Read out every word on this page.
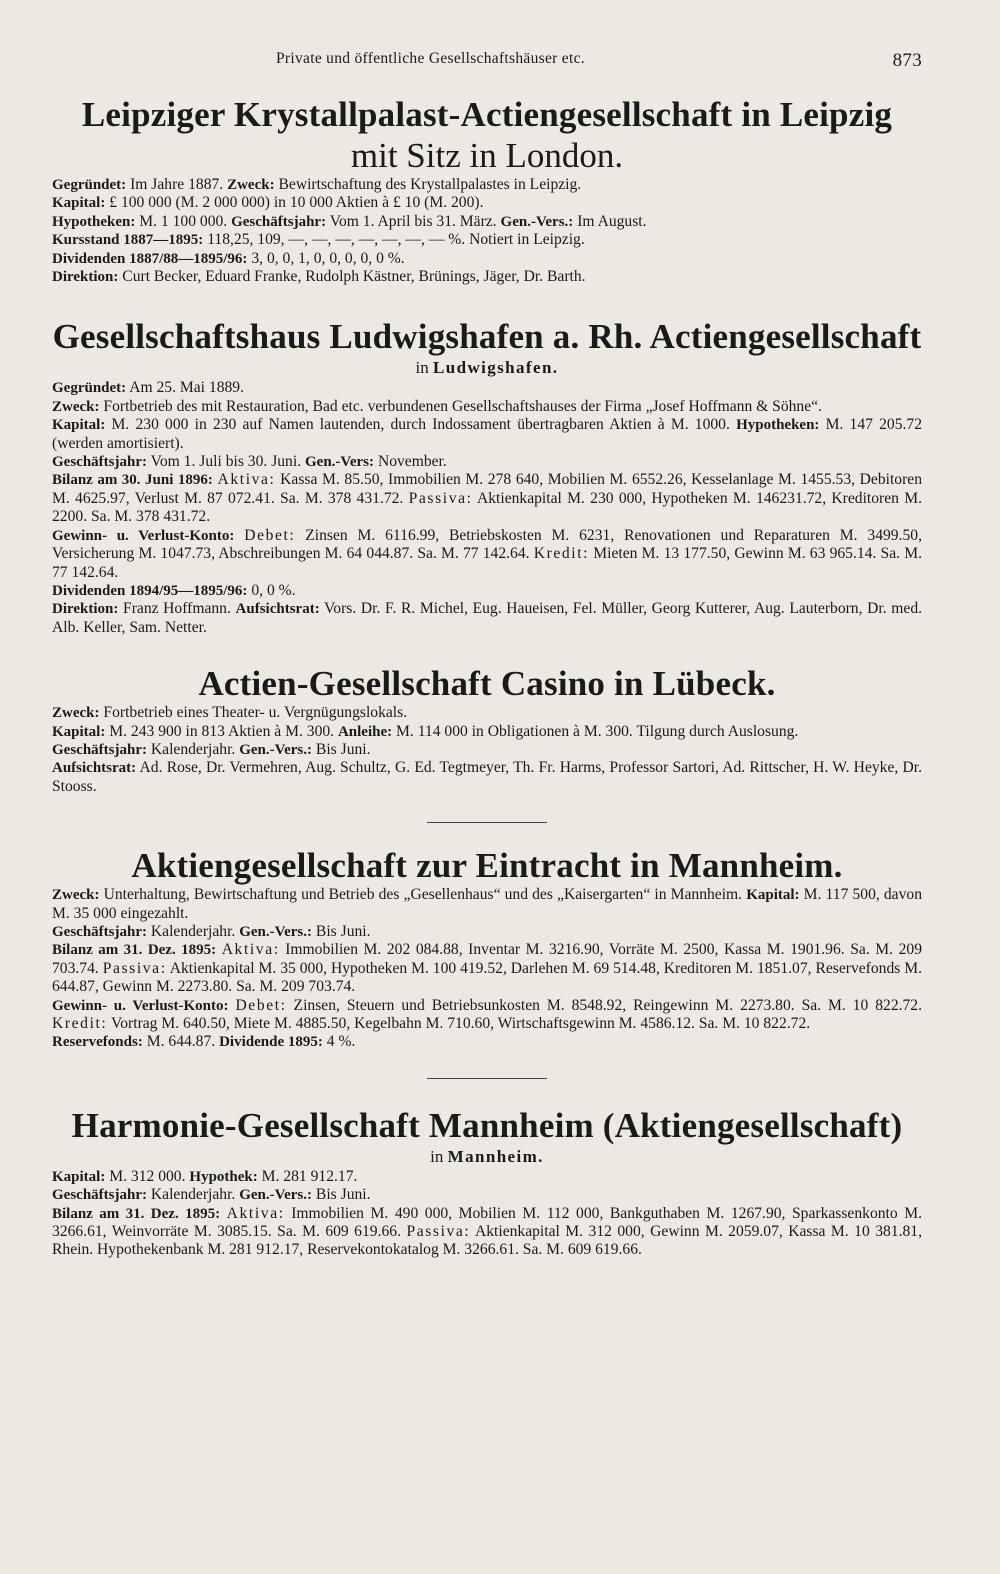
Private und öffentliche Gesellschaftshäuser etc.	873
Leipziger Krystallpalast-Actiengesellschaft in Leipzig

mit Sitz in London.

Gegründet: Im Jahre 1887. Zweck: Bewirtschaftung des Krystallpalastes in Leipzig.

Kapital: £ 100 000 (M. 2 000 000) in 10 000 Aktien à £ 10 (M. 200).

Hypotheken: M. 1 100 000. Geschäftsjahr: Vom 1. April bis 31. März. Gen.-Vers.: Im August.

Kursstand 1887—1895: 118,25, 109, —, —, —, —, —, —, — %. Notiert in Leipzig.

Dividenden 1887/88—1895/96: 3, 0, 0, 1, 0, 0, 0, 0, 0 %.

Direktion: Curt Becker, Eduard Franke, Rudolph Kästner, Brünings, Jäger, Dr. Barth.

Gesellschaftshaus Ludwigshafen a. Rh. Actiengesellschaft

in Ludwigshafen.

Gegründet: Am 25. Mai 1889.

Zweck: Fortbetrieb des mit Restauration, Bad etc. verbundenen Gesellschaftshauses der Firma „Josef Hoffmann & Söhne“.

Kapital: M. 230 000 in 230 auf Namen lautenden, durch Indossament übertragbaren Aktien à M. 1000. Hypotheken: M. 147 205.72 (werden amortisiert).

Geschäftsjahr: Vom 1. Juli bis 30. Juni. Gen.-Vers: November.

Bilanz am 30. Juni 1896: Aktiva: Kassa M. 85.50, Immobilien M. 278 640, Mobilien M. 6552.26, Kesselanlage M. 1455.53, Debitoren M. 4625.97, Verlust M. 87 072.41. Sa. M. 378 431.72. Passiva: Aktienkapital M. 230 000, Hypotheken M. 146231.72, Kreditoren M. 2200. Sa. M. 378 431.72.

Gewinn- u. Verlust-Konto: Debet: Zinsen M. 6116.99, Betriebskosten M. 6231, Renovationen und Reparaturen M. 3499.50, Versicherung M. 1047.73, Abschreibungen M. 64 044.87. Sa. M. 77 142.64. Kredit: Mieten M. 13 177.50, Gewinn M. 63 965.14. Sa. M. 77 142.64.

Dividenden 1894/95—1895/96: 0, 0 %.

Direktion: Franz Hoffmann. Aufsichtsrat: Vors. Dr. F. R. Michel, Eug. Haueisen, Fel. Müller, Georg Kutterer, Aug. Lauterborn, Dr. med. Alb. Keller, Sam. Netter.

Actien-Gesellschaft Casino in Lübeck.

Zweck: Fortbetrieb eines Theater- u. Vergnügungslokals.

Kapital: M. 243 900 in 813 Aktien à M. 300. Anleihe: M. 114 000 in Obligationen à M. 300. Tilgung durch Auslosung.

Geschäftsjahr: Kalenderjahr. Gen.-Vers.: Bis Juni.

Aufsichtsrat: Ad. Rose, Dr. Vermehren, Aug. Schultz, G. Ed. Tegtmeyer, Th. Fr. Harms, Professor Sartori, Ad. Rittscher, H. W. Heyke, Dr. Stooss.

Aktiengesellschaft zur Eintracht in Mannheim.

Zweck: Unterhaltung, Bewirtschaftung und Betrieb des „Gesellenhaus“ und des „Kaisergarten“ in Mannheim. Kapital: M. 117 500, davon M. 35 000 eingezahlt.

Geschäftsjahr: Kalenderjahr. Gen.-Vers.: Bis Juni.

Bilanz am 31. Dez. 1895: Aktiva: Immobilien M. 202 084.88, Inventar M. 3216.90, Vorräte M. 2500, Kassa M. 1901.96. Sa. M. 209 703.74. Passiva: Aktienkapital M. 35 000, Hypotheken M. 100 419.52, Darlehen M. 69 514.48, Kreditoren M. 1851.07, Reservefonds M. 644.87, Gewinn M. 2273.80. Sa. M. 209 703.74.

Gewinn- u. Verlust-Konto: Debet: Zinsen, Steuern und Betriebsunkosten M. 8548.92, Reingewinn M. 2273.80. Sa. M. 10 822.72. Kredit: Vortrag M. 640.50, Miete M. 4885.50, Kegelbahn M. 710.60, Wirtschaftsgewinn M. 4586.12. Sa. M. 10 822.72.

Reservefonds: M. 644.87. Dividende 1895: 4 %.

Harmonie-Gesellschaft Mannheim (Aktiengesellschaft)

in Mannheim.

Kapital: M. 312 000. Hypothek: M. 281 912.17.

Geschäftsjahr: Kalenderjahr. Gen.-Vers.: Bis Juni.

Bilanz am 31. Dez. 1895: Aktiva: Immobilien M. 490 000, Mobilien M. 112 000, Bankguthaben M. 1267.90, Sparkassenkonto M. 3266.61, Weinvorräte M. 3085.15. Sa. M. 609 619.66. Passiva: Aktienkapital M. 312 000, Gewinn M. 2059.07, Kassa M. 10 381.81, Rhein. Hypothekenbank M. 281 912.17, Reservekontokatalog M. 3266.61. Sa. M. 609 619.66.
